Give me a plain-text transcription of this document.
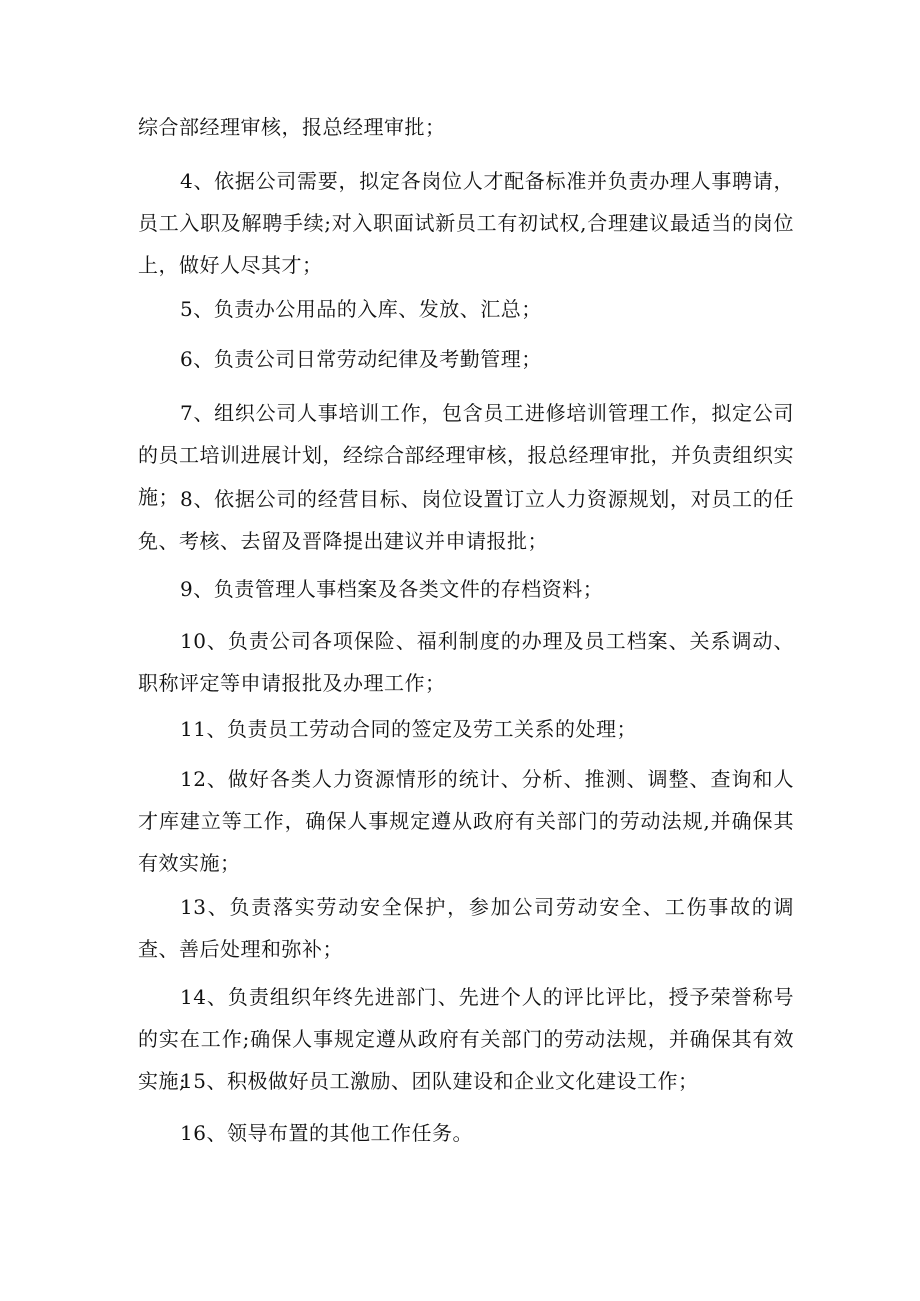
综合部经理审核，报总经理审批；

4、依据公司需要，拟定各岗位人才配备标准并负责办理人事聘请，员工入职及解聘手续;对入职面试新员工有初试权,合理建议最适当的岗位上，做好人尽其才；

5、负责办公用品的入库、发放、汇总；

6、负责公司日常劳动纪律及考勤管理；

7、组织公司人事培训工作，包含员工进修培训管理工作，拟定公司的员工培训进展计划，经综合部经理审核，报总经理审批，并负责组织实施； 8、依据公司的经营目标、岗位设置订立人力资源规划，对员工的任免、考核、去留及晋降提出建议并申请报批；

9、负责管理人事档案及各类文件的存档资料；

10、负责公司各项保险、福利制度的办理及员工档案、关系调动、职称评定等申请报批及办理工作；

11、负责员工劳动合同的签定及劳工关系的处理；

12、做好各类人力资源情形的统计、分析、推测、调整、查询和人才库建立等工作，确保人事规定遵从政府有关部门的劳动法规,并确保其有效实施；

13、负责落实劳动安全保护，参加公司劳动安全、工伤事故的调查、善后处理和弥补；

14、负责组织年终先进部门、先进个人的评比评比，授予荣誉称号的实在工作;确保人事规定遵从政府有关部门的劳动法规，并确保其有效实施;

15、积极做好员工激励、团队建设和企业文化建设工作；

16、领导布置的其他工作任务。
